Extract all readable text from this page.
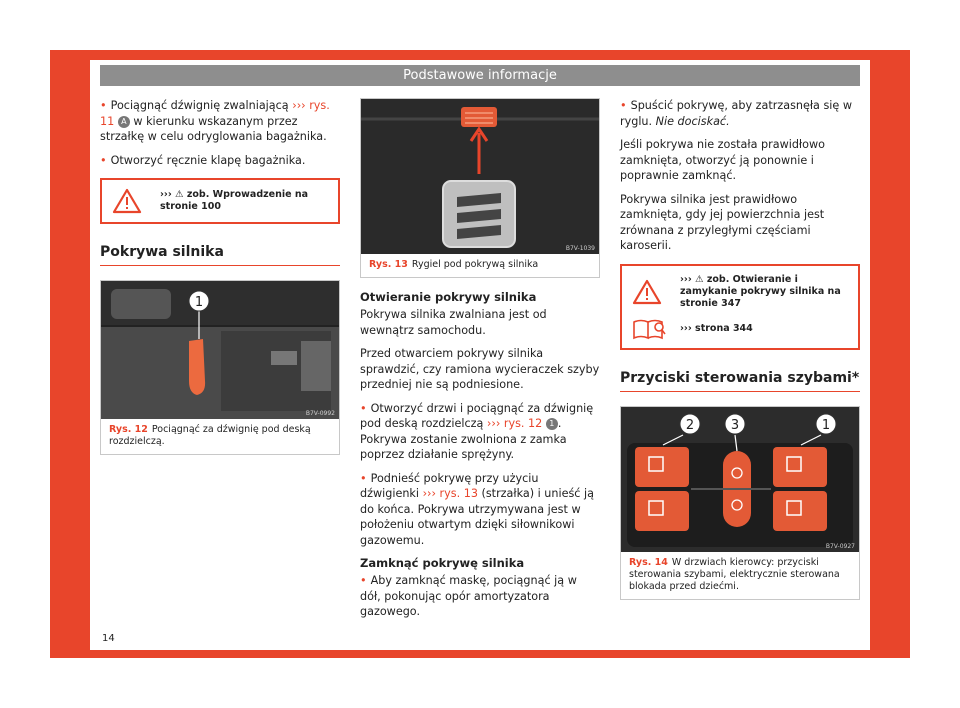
Podstawowe informacje

• Pociągnąć dźwignię zwalniającą ››› rys. 11 A w kierunku wskazanym przez strzałkę w celu odryglowania bagażnika.

• Otworzyć ręcznie klapę bagażnika.

››› ⚠ zob. Wprowadzenie na stronie 100
Pokrywa silnika
1
B7V-0992
Rys. 12 Pociągnąć za dźwignię pod deską rozdzielczą.
B7V-1039
Rys. 13 Rygiel pod pokrywą silnika
Otwieranie pokrywy silnika

Pokrywa silnika zwalniana jest od wewnątrz samochodu.

Przed otwarciem pokrywy silnika sprawdzić, czy ramiona wycieraczek szyby przedniej nie są podniesione.

• Otworzyć drzwi i pociągnąć za dźwignię pod deską rozdzielczą ››› rys. 12 1 . Pokrywa zostanie zwolniona z zamka poprzez działanie sprężyny.

• Podnieść pokrywę przy użyciu dźwigienki ››› rys. 13 (strzałka) i unieść ją do końca. Pokrywa utrzymywana jest w położeniu otwartym dzięki siłownikowi gazowemu.

Zamknąć pokrywę silnika

• Aby zamknąć maskę, pociągnąć ją w dół, pokonując opór amortyzatora gazowego.

• Spuścić pokrywę, aby zatrzasnęła się w ryglu. Nie dociskać.

Jeśli pokrywa nie została prawidłowo zamknięta, otworzyć ją ponownie i poprawnie zamknąć.

Pokrywa silnika jest prawidłowo zamknięta, gdy jej powierzchnia jest zrównana z przyległymi częściami karoserii.

››› ⚠ zob. Otwieranie i zamykanie pokrywy silnika na stronie 347
››› strona 344
Przyciski sterowania szybami*
2	3	1
B7V-0927
Rys. 14 W drzwiach kierowcy: przyciski sterowania szybami, elektrycznie sterowana blokada przed dziećmi.
14
